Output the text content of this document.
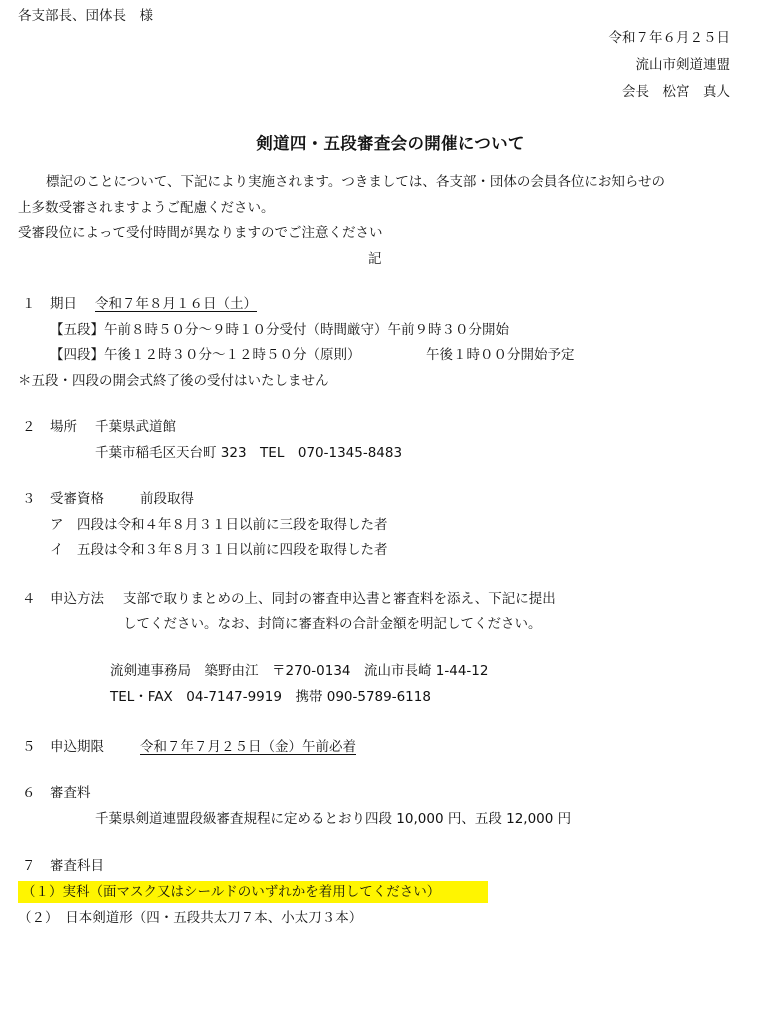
各支部長、団体長　様
令和７年６月２５日
流山市剣道連盟
会長　松宮　真人
剣道四・五段審査会の開催について
標記のことについて、下記により実施されます。つきましては、各支部・団体の会員各位にお知らせの
上多数受審されますようご配慮ください。
受審段位によって受付時間が異なりますのでご注意ください
記
１ 期日 令和７年８月１６日（土）
【五段】午前８時５０分～９時１０分受付（時間厳守）午前９時３０分開始
【四段】午後１２時３０分～１２時５０分（原則）	午後１時００分開始予定
＊五段・四段の開会式終了後の受付はいたしません
２ 場所 千葉県武道館
千葉市稲毛区天台町 323　TEL　070-1345-8483
３ 受審資格	前段取得
ア　四段は令和４年８月３１日以前に三段を取得した者
イ　五段は令和３年８月３１日以前に四段を取得した者
４ 申込方法 支部で取りまとめの上、同封の審査申込書と審査料を添え、下記に提出
してください。なお、封筒に審査料の合計金額を明記してください。
流剣連事務局　築野由江　〒270-0134　流山市長崎 1-44-12
TEL・FAX　04-7147-9919　携帯 090-5789-6118
５ 申込期限	令和７年７月２５日（金）午前必着
６ 審査料
千葉県剣道連盟段級審査規程に定めるとおり四段 10,000 円、五段 12,000 円
７ 審査科目
（１）実科（面マスク又はシールドのいずれかを着用してください）
（２）　日本剣道形（四・五段共太刀７本、小太刀３本）
